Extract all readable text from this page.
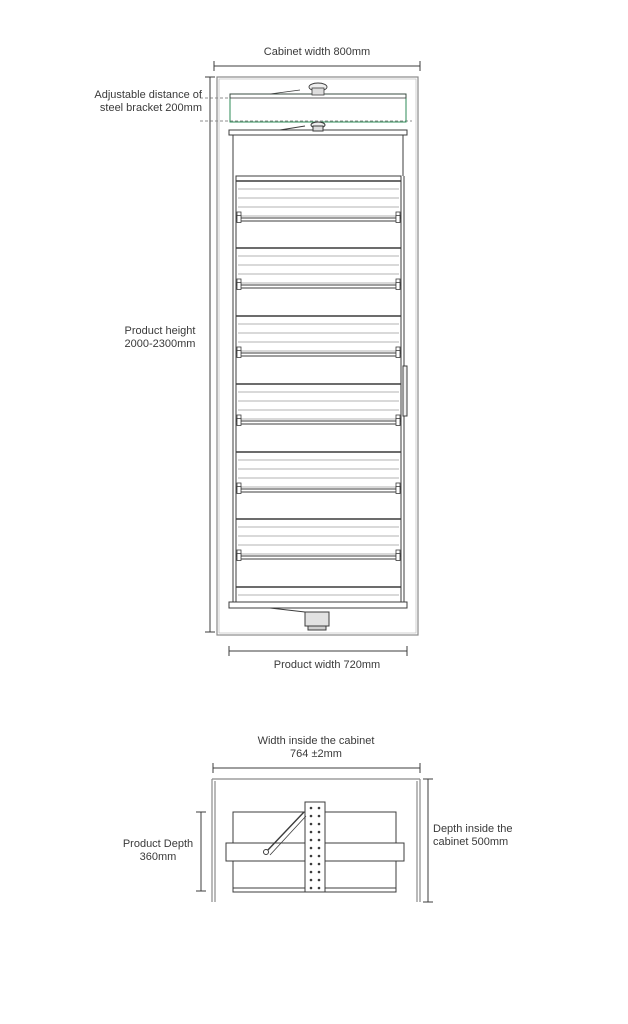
Cabinet width 800mm
Adjustable distance of
steel bracket 200mm
Product height
2000-2300mm
Product width 720mm
Width inside the cabinet
764 ±2mm
Product Depth
360mm
Depth inside the
cabinet 500mm
